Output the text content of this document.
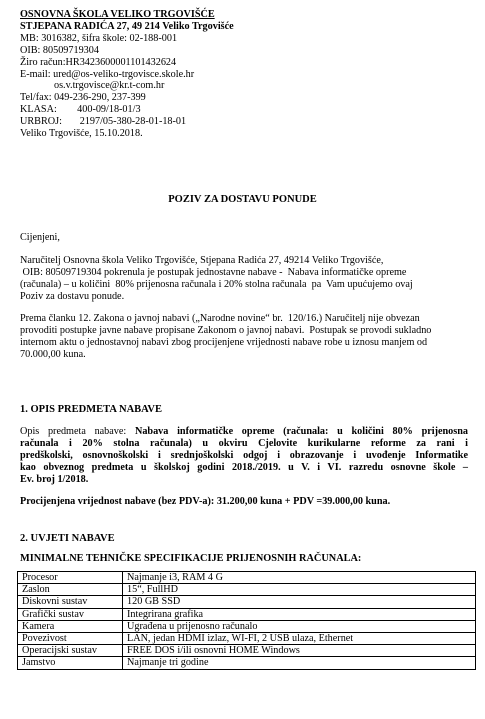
OSNOVNA ŠKOLA VELIKO TRGOVIŠĆE
STJEPANA RADIĆA 27, 49 214 Veliko Trgovišće
MB: 3016382, šifra škole: 02-188-001
OIB: 80509719304
Žiro račun:HR3423600001101432624
E-mail: ured@os-veliko-trgovisce.skole.hr
os.v.trgovisce@kr.t-com.hr
Tel/fax: 049-236-290, 237-399
KLASA:        400-09/18-01/3
URBROJ:       2197/05-380-28-01-18-01
Veliko Trgovišće, 15.10.2018.
POZIV ZA DOSTAVU PONUDE
Cijenjeni,
Naručitelj Osnovna škola Veliko Trgovišće, Stjepana Radića 27, 49214 Veliko Trgovišće,
OIB: 80509719304 pokrenula je postupak jednostavne nabave -  Nabava informatičke opreme
(računala) – u količini  80% prijenosna računala i 20% stolna računala  pa  Vam upućujemo ovaj
Poziv za dostavu ponude.
Prema članku 12. Zakona o javnoj nabavi („Narodne novine“ br.  120/16.) Naručitelj nije obvezan
provoditi postupke javne nabave propisane Zakonom o javnoj nabavi.  Postupak se provodi sukladno
internom aktu o jednostavnoj nabavi zbog procijenjene vrijednosti nabave robe u iznosu manjem od
70.000,00 kuna.
1. OPIS PREDMETA NABAVE
Opis predmeta nabave: Nabava informatičke opreme (računala: u količini 80% prijenosna
računala i 20% stolna računala) u okviru Cjelovite kurikularne reforme za rani i
predškolski, osnovnoškolski i srednjoškolski odgoj i obrazovanje i uvođenje Informatike
kao obveznog predmeta u školskoj godini 2018./2019. u V. i VI. razredu osnovne škole –
Ev. broj 1/2018.
Procijenjena vrijednost nabave (bez PDV-a): 31.200,00 kuna + PDV =39.000,00 kuna.
2. UVJETI NABAVE
MINIMALNE TEHNIČKE SPECIFIKACIJE PRIJENOSNIH RAČUNALA:
Procesor	Najmanje i3, RAM 4 G
Zaslon	15“, FullHD
Diskovni sustav	120 GB SSD
Grafički sustav	Integrirana grafika
Kamera	Ugrađena u prijenosno računalo
Povezivost	LAN, jedan HDMI izlaz, WI-FI, 2 USB ulaza, Ethernet
Operacijski sustav	FREE DOS i/ili osnovni HOME Windows
Jamstvo	Najmanje tri godine
